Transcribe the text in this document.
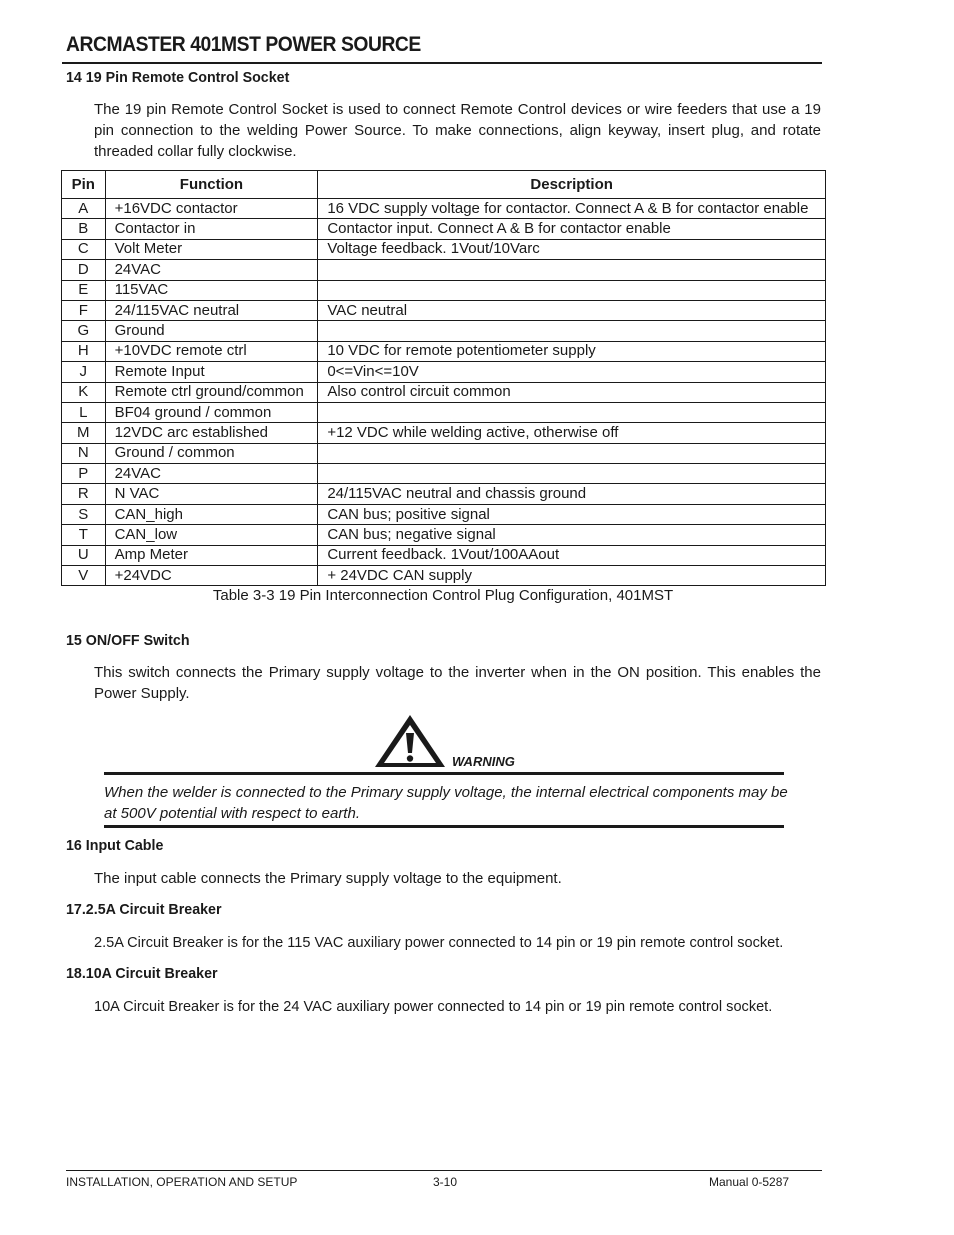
ARCMASTER 401MST POWER SOURCE
14 19 Pin Remote Control Socket
The 19 pin Remote Control Socket is used to connect Remote Control devices or wire feeders that use a 19 pin connection to the welding Power Source. To make connections, align keyway, insert plug, and rotate threaded collar fully clockwise.
Pin	Function	Description
A	+16VDC contactor	16 VDC supply voltage for contactor. Connect A & B for contactor enable
B	Contactor in	Contactor input. Connect A & B for contactor enable
C	Volt Meter	Voltage feedback. 1Vout/10Varc
D	24VAC	
E	115VAC	
F	24/115VAC neutral	VAC neutral
G	Ground	
H	+10VDC remote ctrl	10 VDC for remote potentiometer supply
J	Remote Input	0<=Vin<=10V
K	Remote ctrl ground/common	Also control circuit common
L	BF04 ground / common	
M	12VDC arc established	+12 VDC while welding active, otherwise off
N	Ground / common	
P	24VAC	
R	N VAC	24/115VAC neutral and chassis ground
S	CAN_high	CAN bus; positive signal
T	CAN_low	CAN bus; negative signal
U	Amp Meter	Current feedback. 1Vout/100AAout
V	+24VDC	+ 24VDC CAN supply
Table 3-3 19 Pin Interconnection Control Plug Configuration, 401MST
15 ON/OFF Switch
This switch connects the Primary supply voltage to the inverter when in the ON position. This enables the Power Supply.
WARNING
When the welder is connected to the Primary supply voltage, the internal electrical components may be at 500V potential with respect to earth.
16 Input Cable
The input cable connects the Primary supply voltage to the equipment.
17.2.5A Circuit Breaker
2.5A Circuit Breaker is for the 115 VAC auxiliary power connected to 14 pin or 19 pin remote control socket.
18.10A Circuit Breaker
10A Circuit Breaker is for the 24 VAC auxiliary power connected to 14 pin or 19 pin remote control socket.
INSTALLATION, OPERATION AND SETUP	3-10	Manual 0-5287
